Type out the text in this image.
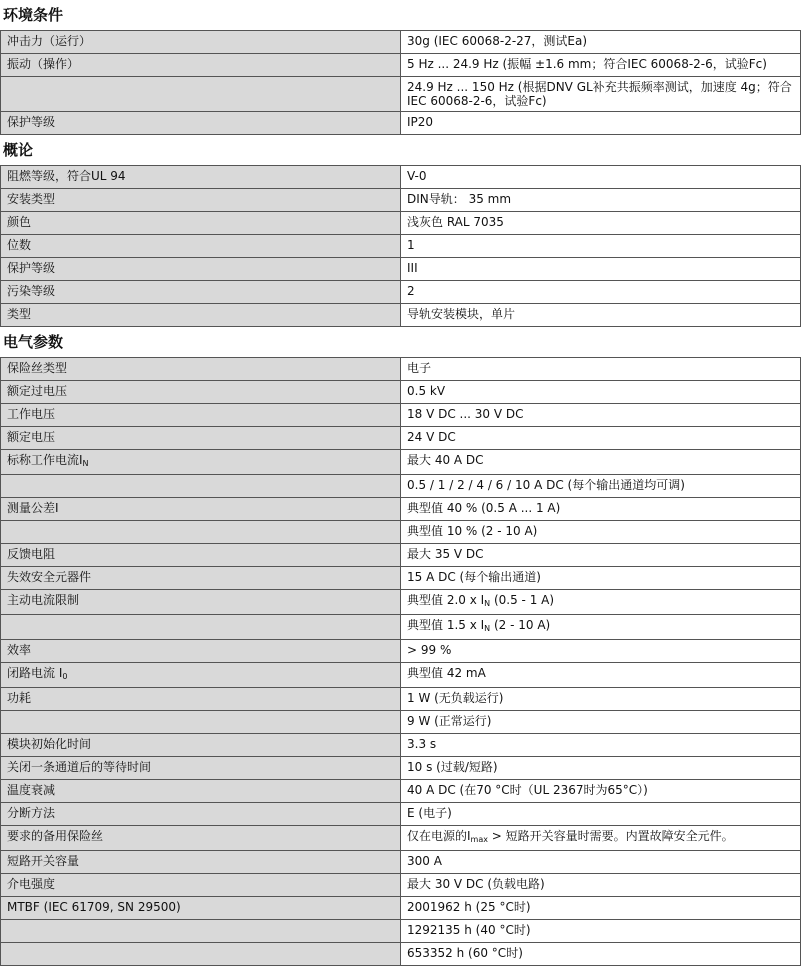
环境条件
冲击力（运行）	30g (IEC 60068-2-27，测试Ea)
振动（操作）	5 Hz ... 24.9 Hz (振幅 ±1.6 mm；符合IEC 60068-2-6，试验Fc)
	24.9 Hz ... 150 Hz (根据DNV GL补充共振频率测试，加速度 4g；符合 IEC 60068-2-6，试验Fc)
保护等级	IP20
概论
阻燃等级，符合UL 94	V-0
安装类型	DIN导轨： 35 mm
颜色	浅灰色 RAL 7035
位数	1
保护等级	III
污染等级	2
类型	导轨安装模块，单片
电气参数
保险丝类型	电子
额定过电压	0.5 kV
工作电压	18 V DC ... 30 V DC
额定电压	24 V DC
标称工作电流$I_N$	最大 40 A DC
	0.5 / 1 / 2 / 4 / 6 / 10 A DC (每个输出通道均可调)
测量公差I	典型值 40 % (0.5 A ... 1 A)
	典型值 10 % (2 - 10 A)
反馈电阻	最大 35 V DC
失效安全元器件	15 A DC (每个输出通道)
主动电流限制	典型值 2.0 x $I_N$ (0.5 - 1 A)
	典型值 1.5 x $I_N$ (2 - 10 A)
效率	> 99 %
闭路电流 $I_0$	典型值 42 mA
功耗	1 W (无负载运行)
	9 W (正常运行)
模块初始化时间	3.3 s
关闭一条通道后的等待时间	10 s (过载/短路)
温度衰减	40 A DC (在70 °C时（UL 2367时为65°C）)
分断方法	E (电子)
要求的备用保险丝	仅在电源的$I_{max}$ > 短路开关容量时需要。内置故障安全元件。
短路开关容量	300 A
介电强度	最大 30 V DC (负载电路)
MTBF (IEC 61709, SN 29500)	2001962 h (25 °C时)
	1292135 h (40 °C时)
	653352 h (60 °C时)
